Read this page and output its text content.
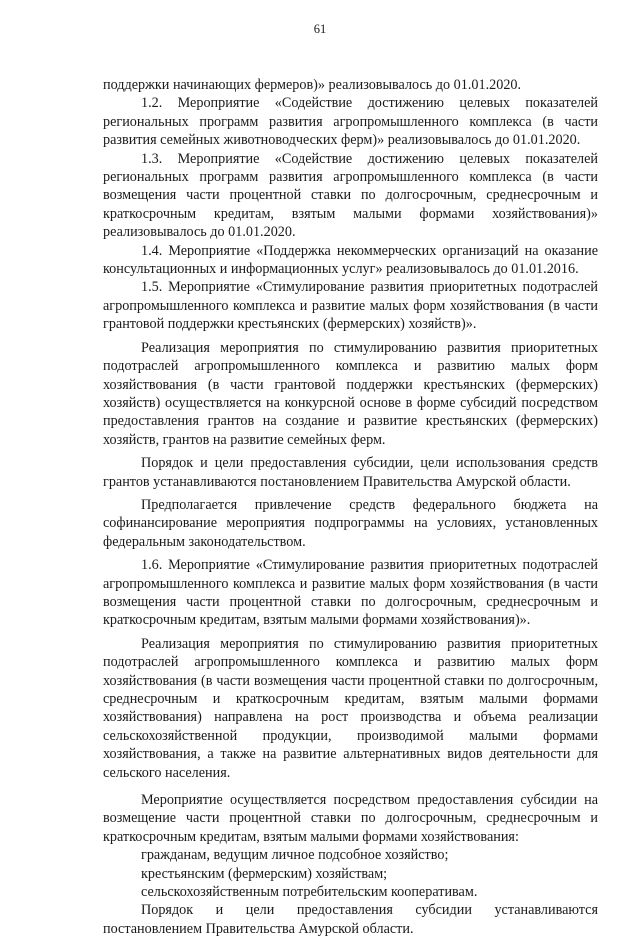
61

поддержки начинающих фермеров)» реализовывалось до 01.01.2020.

1.2. Мероприятие «Содействие достижению целевых показателей региональных программ развития агропромышленного комплекса (в части развития семейных животноводческих ферм)» реализовывалось до 01.01.2020.

1.3. Мероприятие «Содействие достижению целевых показателей региональных программ развития агропромышленного комплекса (в части возмещения части процентной ставки по долгосрочным, среднесрочным и краткосрочным кредитам, взятым малыми формами хозяйствования)» реализовывалось до 01.01.2020.

1.4. Мероприятие «Поддержка некоммерческих организаций на оказание консультационных и информационных услуг» реализовывалось до 01.01.2016.

1.5. Мероприятие «Стимулирование развития приоритетных подотраслей агропромышленного комплекса и развитие малых форм хозяйствования (в части грантовой поддержки крестьянских (фермерских) хозяйств)».

Реализация мероприятия по стимулированию развития приоритетных подотраслей агропромышленного комплекса и развитию малых форм хозяйствования (в части грантовой поддержки крестьянских (фермерских) хозяйств) осуществляется на конкурсной основе в форме субсидий посредством предоставления грантов на создание и развитие крестьянских (фермерских) хозяйств, грантов на развитие семейных ферм.

Порядок и цели предоставления субсидии, цели использования средств грантов устанавливаются постановлением Правительства Амурской области.

Предполагается привлечение средств федерального бюджета на софинансирование мероприятия подпрограммы на условиях, установленных федеральным законодательством.

1.6. Мероприятие «Стимулирование развития приоритетных подотраслей агропромышленного комплекса и развитие малых форм хозяйствования (в части возмещения части процентной ставки по долгосрочным, среднесрочным и краткосрочным кредитам, взятым малыми формами хозяйствования)».

Реализация мероприятия по стимулированию развития приоритетных подотраслей агропромышленного комплекса и развитию малых форм хозяйствования (в части возмещения части процентной ставки по долгосрочным, среднесрочным и краткосрочным кредитам, взятым малыми формами хозяйствования) направлена на рост производства и объема реализации сельскохозяйственной продукции, производимой малыми формами хозяйствования, а также на развитие альтернативных видов деятельности для сельского населения.

Мероприятие осуществляется посредством предоставления субсидии на возмещение части процентной ставки по долгосрочным, среднесрочным и краткосрочным кредитам, взятым малыми формами хозяйствования:

гражданам, ведущим личное подсобное хозяйство;

крестьянским (фермерским) хозяйствам;

сельскохозяйственным потребительским кооперативам.

Порядок и цели предоставления субсидии устанавливаются постановлением Правительства Амурской области.
